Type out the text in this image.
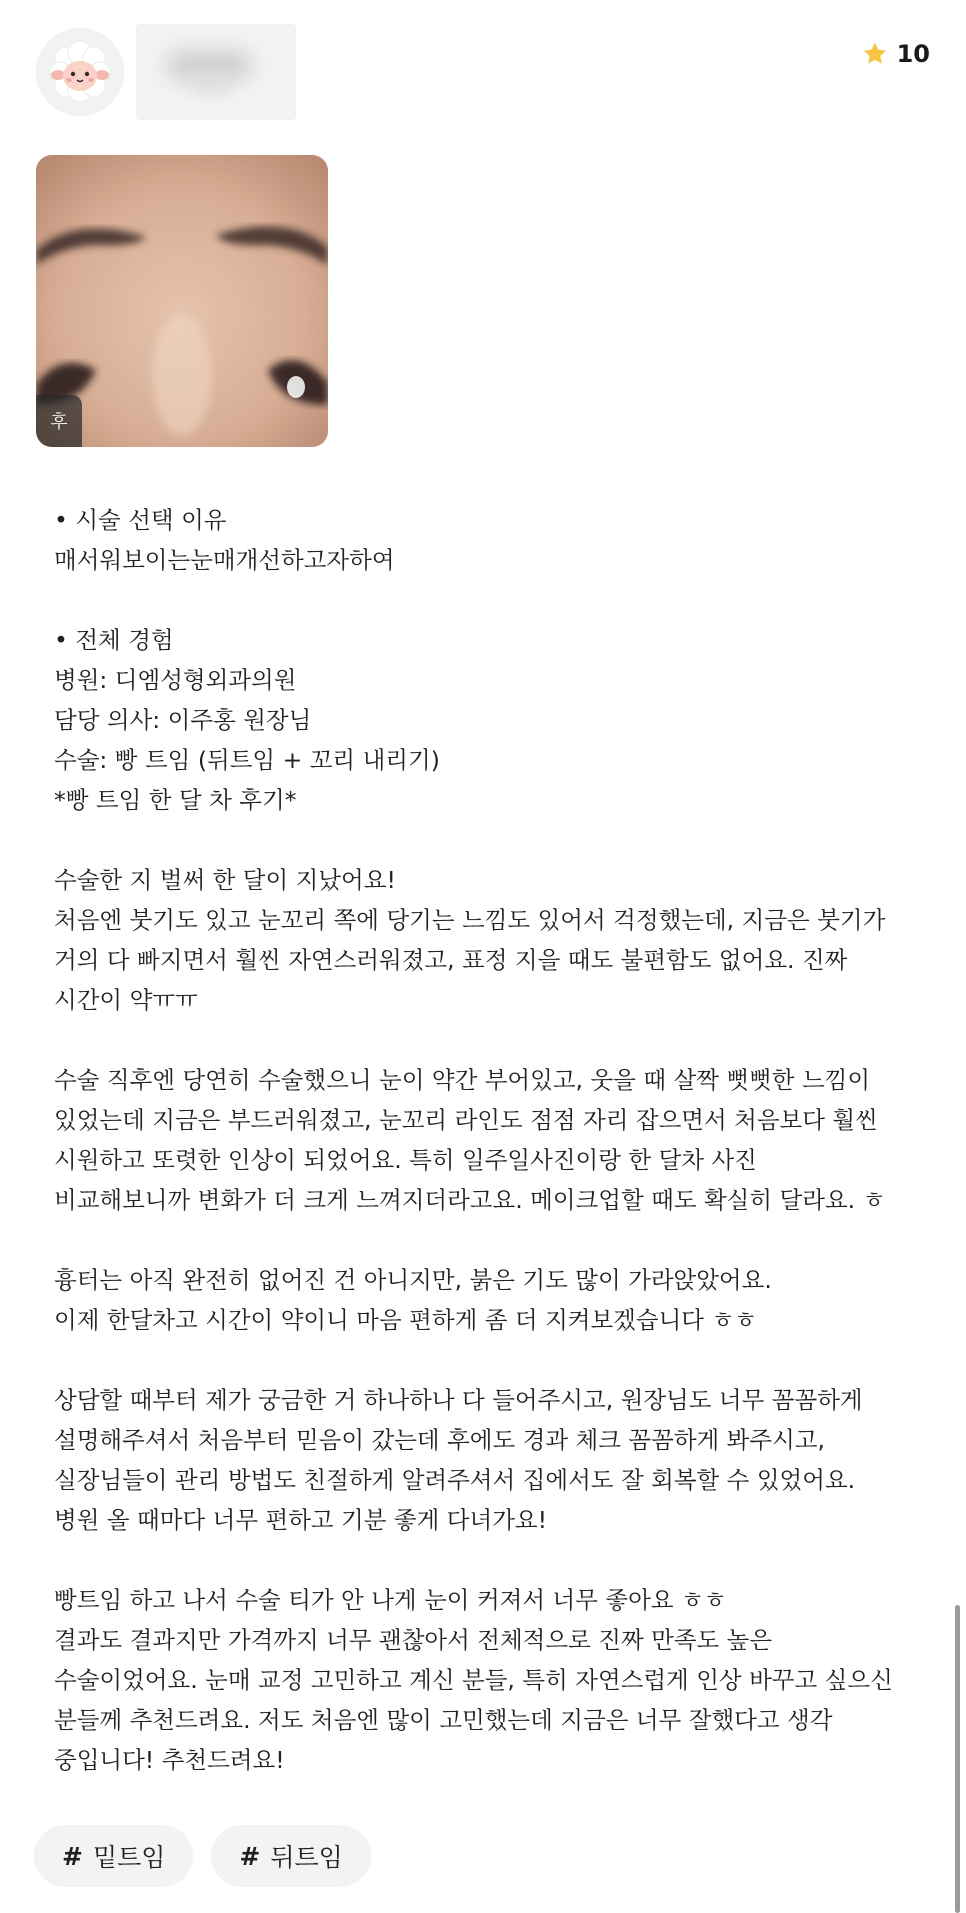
10
후
• 시술 선택 이유
매서워보이는눈매개선하고자하여
• 전체 경험
병원: 디엠성형외과의원
담당 의사: 이주홍 원장님
수술: 빵 트임 (뒤트임 + 꼬리 내리기)
*빵 트임 한 달 차 후기*
수술한 지 벌써 한 달이 지났어요!
처음엔 붓기도 있고 눈꼬리 쪽에 당기는 느낌도 있어서 걱정했는데, 지금은 붓기가
거의 다 빠지면서 훨씬 자연스러워졌고, 표정 지을 때도 불편함도 없어요. 진짜
시간이 약ㅠㅠ
수술 직후엔 당연히 수술했으니 눈이 약간 부어있고, 웃을 때 살짝 뻣뻣한 느낌이
있었는데 지금은 부드러워졌고, 눈꼬리 라인도 점점 자리 잡으면서 처음보다 훨씬
시원하고 또렷한 인상이 되었어요. 특히 일주일사진이랑 한 달차 사진
비교해보니까 변화가 더 크게 느껴지더라고요. 메이크업할 때도 확실히 달라요. ㅎ
흉터는 아직 완전히 없어진 건 아니지만, 붉은 기도 많이 가라앉았어요.
이제 한달차고 시간이 약이니 마음 편하게 좀 더 지켜보겠습니다 ㅎㅎ
상담할 때부터 제가 궁금한 거 하나하나 다 들어주시고, 원장님도 너무 꼼꼼하게
설명해주셔서 처음부터 믿음이 갔는데 후에도 경과 체크 꼼꼼하게 봐주시고,
실장님들이 관리 방법도 친절하게 알려주셔서 집에서도 잘 회복할 수 있었어요.
병원 올 때마다 너무 편하고 기분 좋게 다녀가요!
빵트임 하고 나서 수술 티가 안 나게 눈이 커져서 너무 좋아요 ㅎㅎ
결과도 결과지만 가격까지 너무 괜찮아서 전체적으로 진짜 만족도 높은
수술이었어요. 눈매 교정 고민하고 계신 분들, 특히 자연스럽게 인상 바꾸고 싶으신
분들께 추천드려요. 저도 처음엔 많이 고민했는데 지금은 너무 잘했다고 생각
중입니다! 추천드려요!
# 밑트임	# 뒤트임
